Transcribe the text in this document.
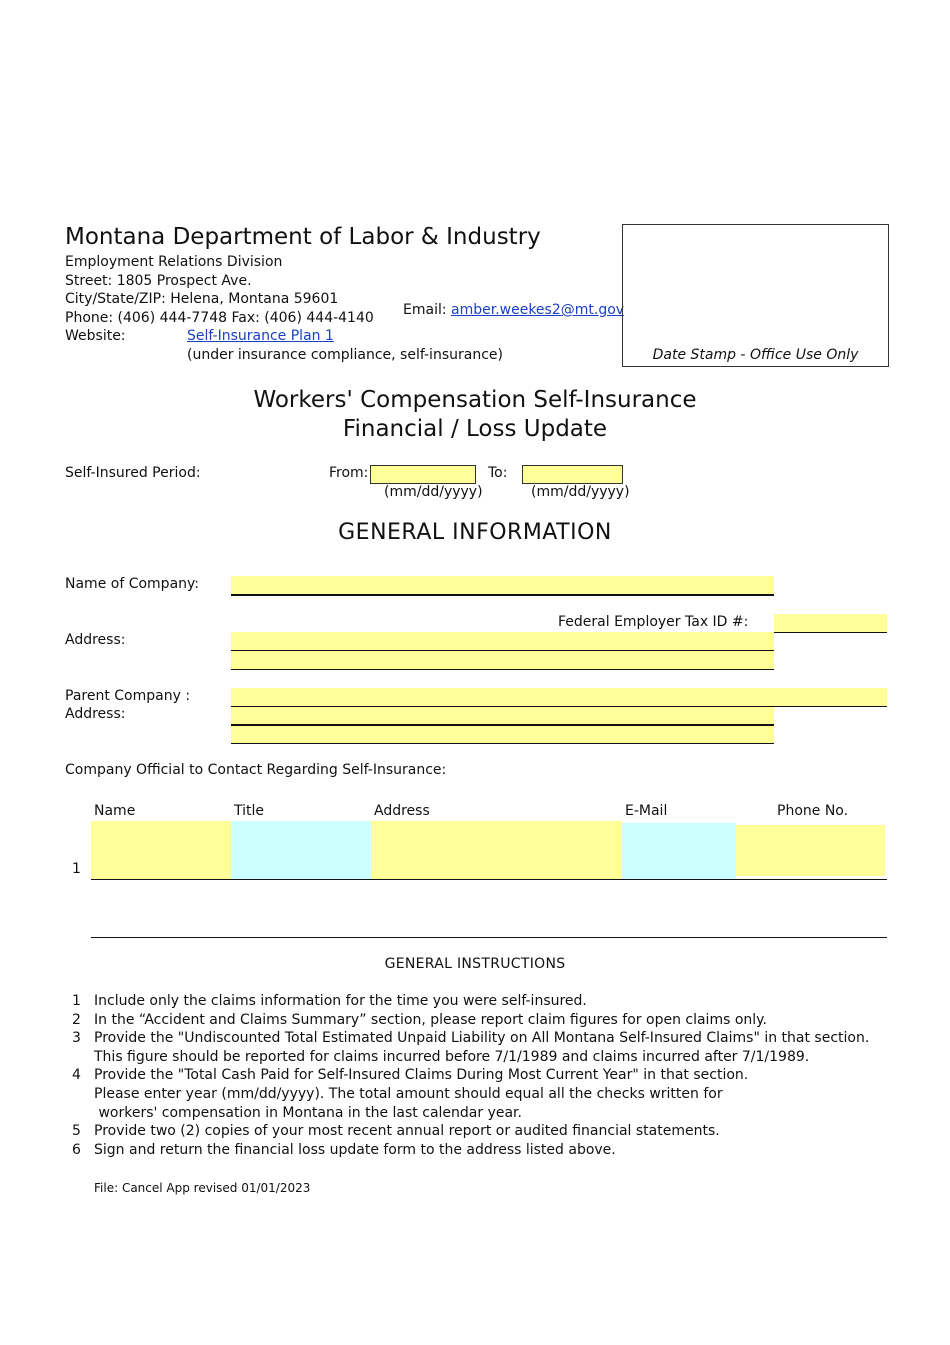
Montana Department of Labor & Industry
Employment Relations Division
Street: 1805 Prospect Ave.
City/State/ZIP: Helena, Montana 59601
Phone: (406) 444-7748 Fax: (406) 444-4140
Website:	Self-Insurance Plan 1
(under insurance compliance, self-insurance)
Email: amber.weekes2@mt.gov
Date Stamp - Office Use Only
Workers' Compensation Self-Insurance
Financial / Loss Update
Self-Insured Period:	From:
(mm/dd/yyyy)
To:
(mm/dd/yyyy)
GENERAL INFORMATION
Name of Company:
Federal Employer Tax ID #:
Address:
Parent Company :
Address:
Company Official to Contact Regarding Self-Insurance:
Name	Title	Address	E-Mail	Phone No.
1
GENERAL INSTRUCTIONS
1 Include only the claims information for the time you were self-insured.
2 In the “Accident and Claims Summary” section, please report claim figures for open claims only.
3 Provide the "Undiscounted Total Estimated Unpaid Liability on All Montana Self-Insured Claims" in that section.
This figure should be reported for claims incurred before 7/1/1989 and claims incurred after 7/1/1989.
4 Provide the "Total Cash Paid for Self-Insured Claims During Most Current Year" in that section.
Please enter year (mm/dd/yyyy). The total amount should equal all the checks written for
workers' compensation in Montana in the last calendar year.
5 Provide two (2) copies of your most recent annual report or audited financial statements.
6 Sign and return the financial loss update form to the address listed above.
File: Cancel App revised 01/01/2023
